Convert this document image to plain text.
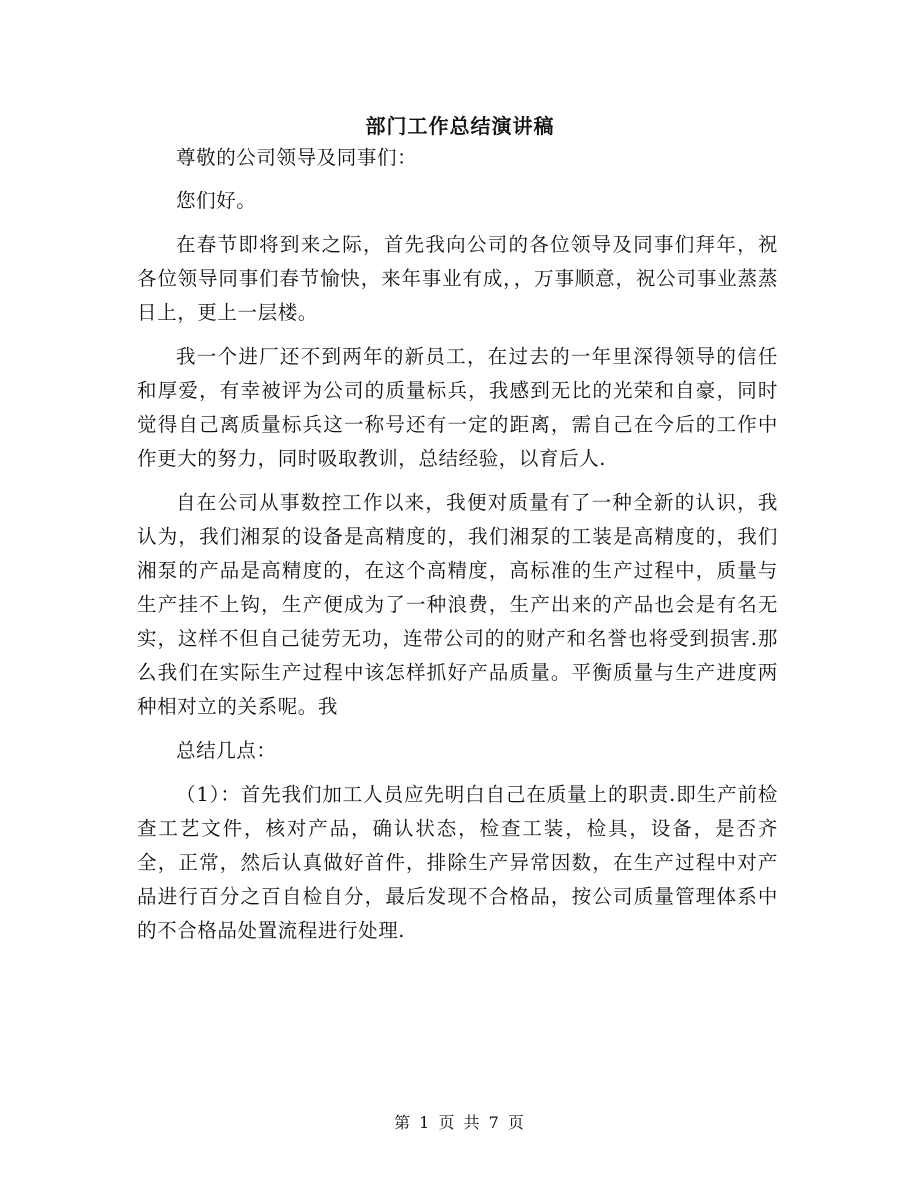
部门工作总结演讲稿

尊敬的公司领导及同事们：

您们好。

在春节即将到来之际，首先我向公司的各位领导及同事们拜年，祝各位领导同事们春节愉快，来年事业有成，，万事顺意，祝公司事业蒸蒸日上，更上一层楼。

我一个进厂还不到两年的新员工，在过去的一年里深得领导的信任和厚爱，有幸被评为公司的质量标兵，我感到无比的光荣和自豪，同时觉得自己离质量标兵这一称号还有一定的距离，需自己在今后的工作中作更大的努力，同时吸取教训，总结经验，以育后人.

自在公司从事数控工作以来，我便对质量有了一种全新的认识，我认为，我们湘泵的设备是高精度的，我们湘泵的工装是高精度的，我们湘泵的产品是高精度的，在这个高精度，高标准的生产过程中，质量与生产挂不上钩，生产便成为了一种浪费，生产出来的产品也会是有名无实，这样不但自己徒劳无功，连带公司的的财产和名誉也将受到损害.那么我们在实际生产过程中该怎样抓好产品质量。平衡质量与生产进度两种相对立的关系呢。我

总结几点：

（1）：首先我们加工人员应先明白自己在质量上的职责.即生产前检查工艺文件，核对产品，确认状态，检查工装，检具，设备，是否齐全，正常，然后认真做好首件，排除生产异常因数，在生产过程中对产品进行百分之百自检自分，最后发现不合格品，按公司质量管理体系中的不合格品处置流程进行处理.

第 1 页 共 7 页
